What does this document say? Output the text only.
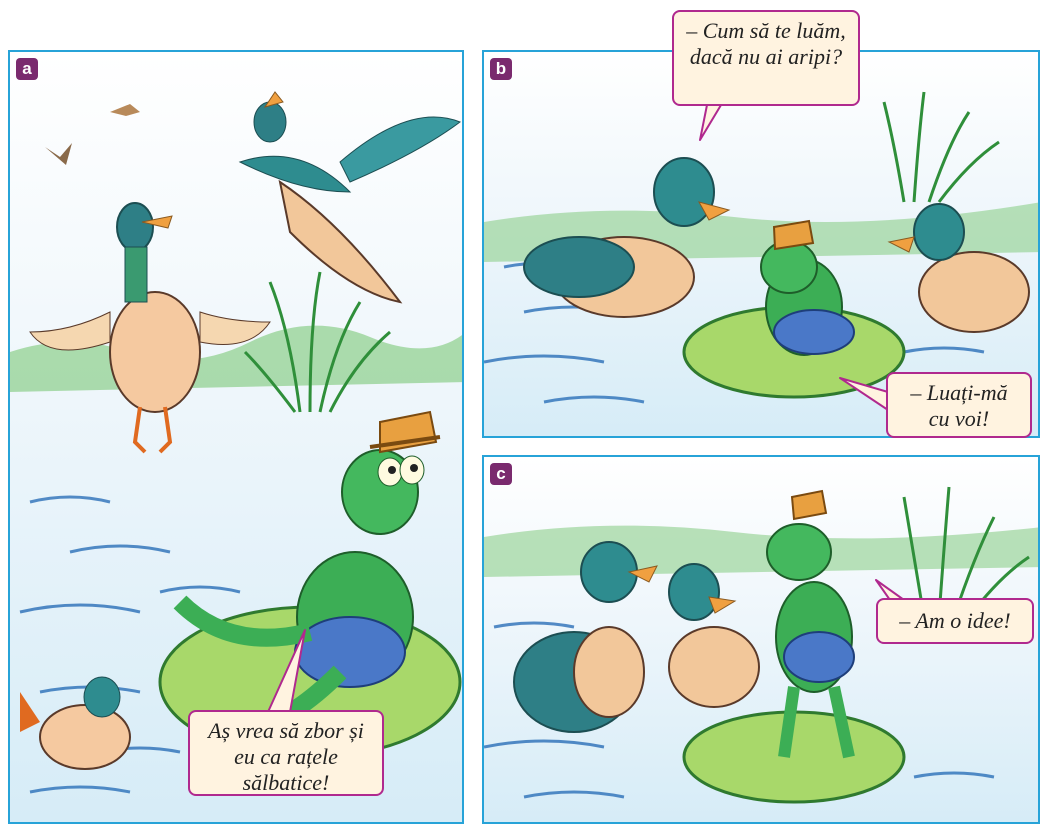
a
Aș vrea să zbor și eu ca rațele sălbatice!
b
– Cum să te luăm, dacă nu ai aripi?
– Luați-mă cu voi!
c
– Am o idee!
